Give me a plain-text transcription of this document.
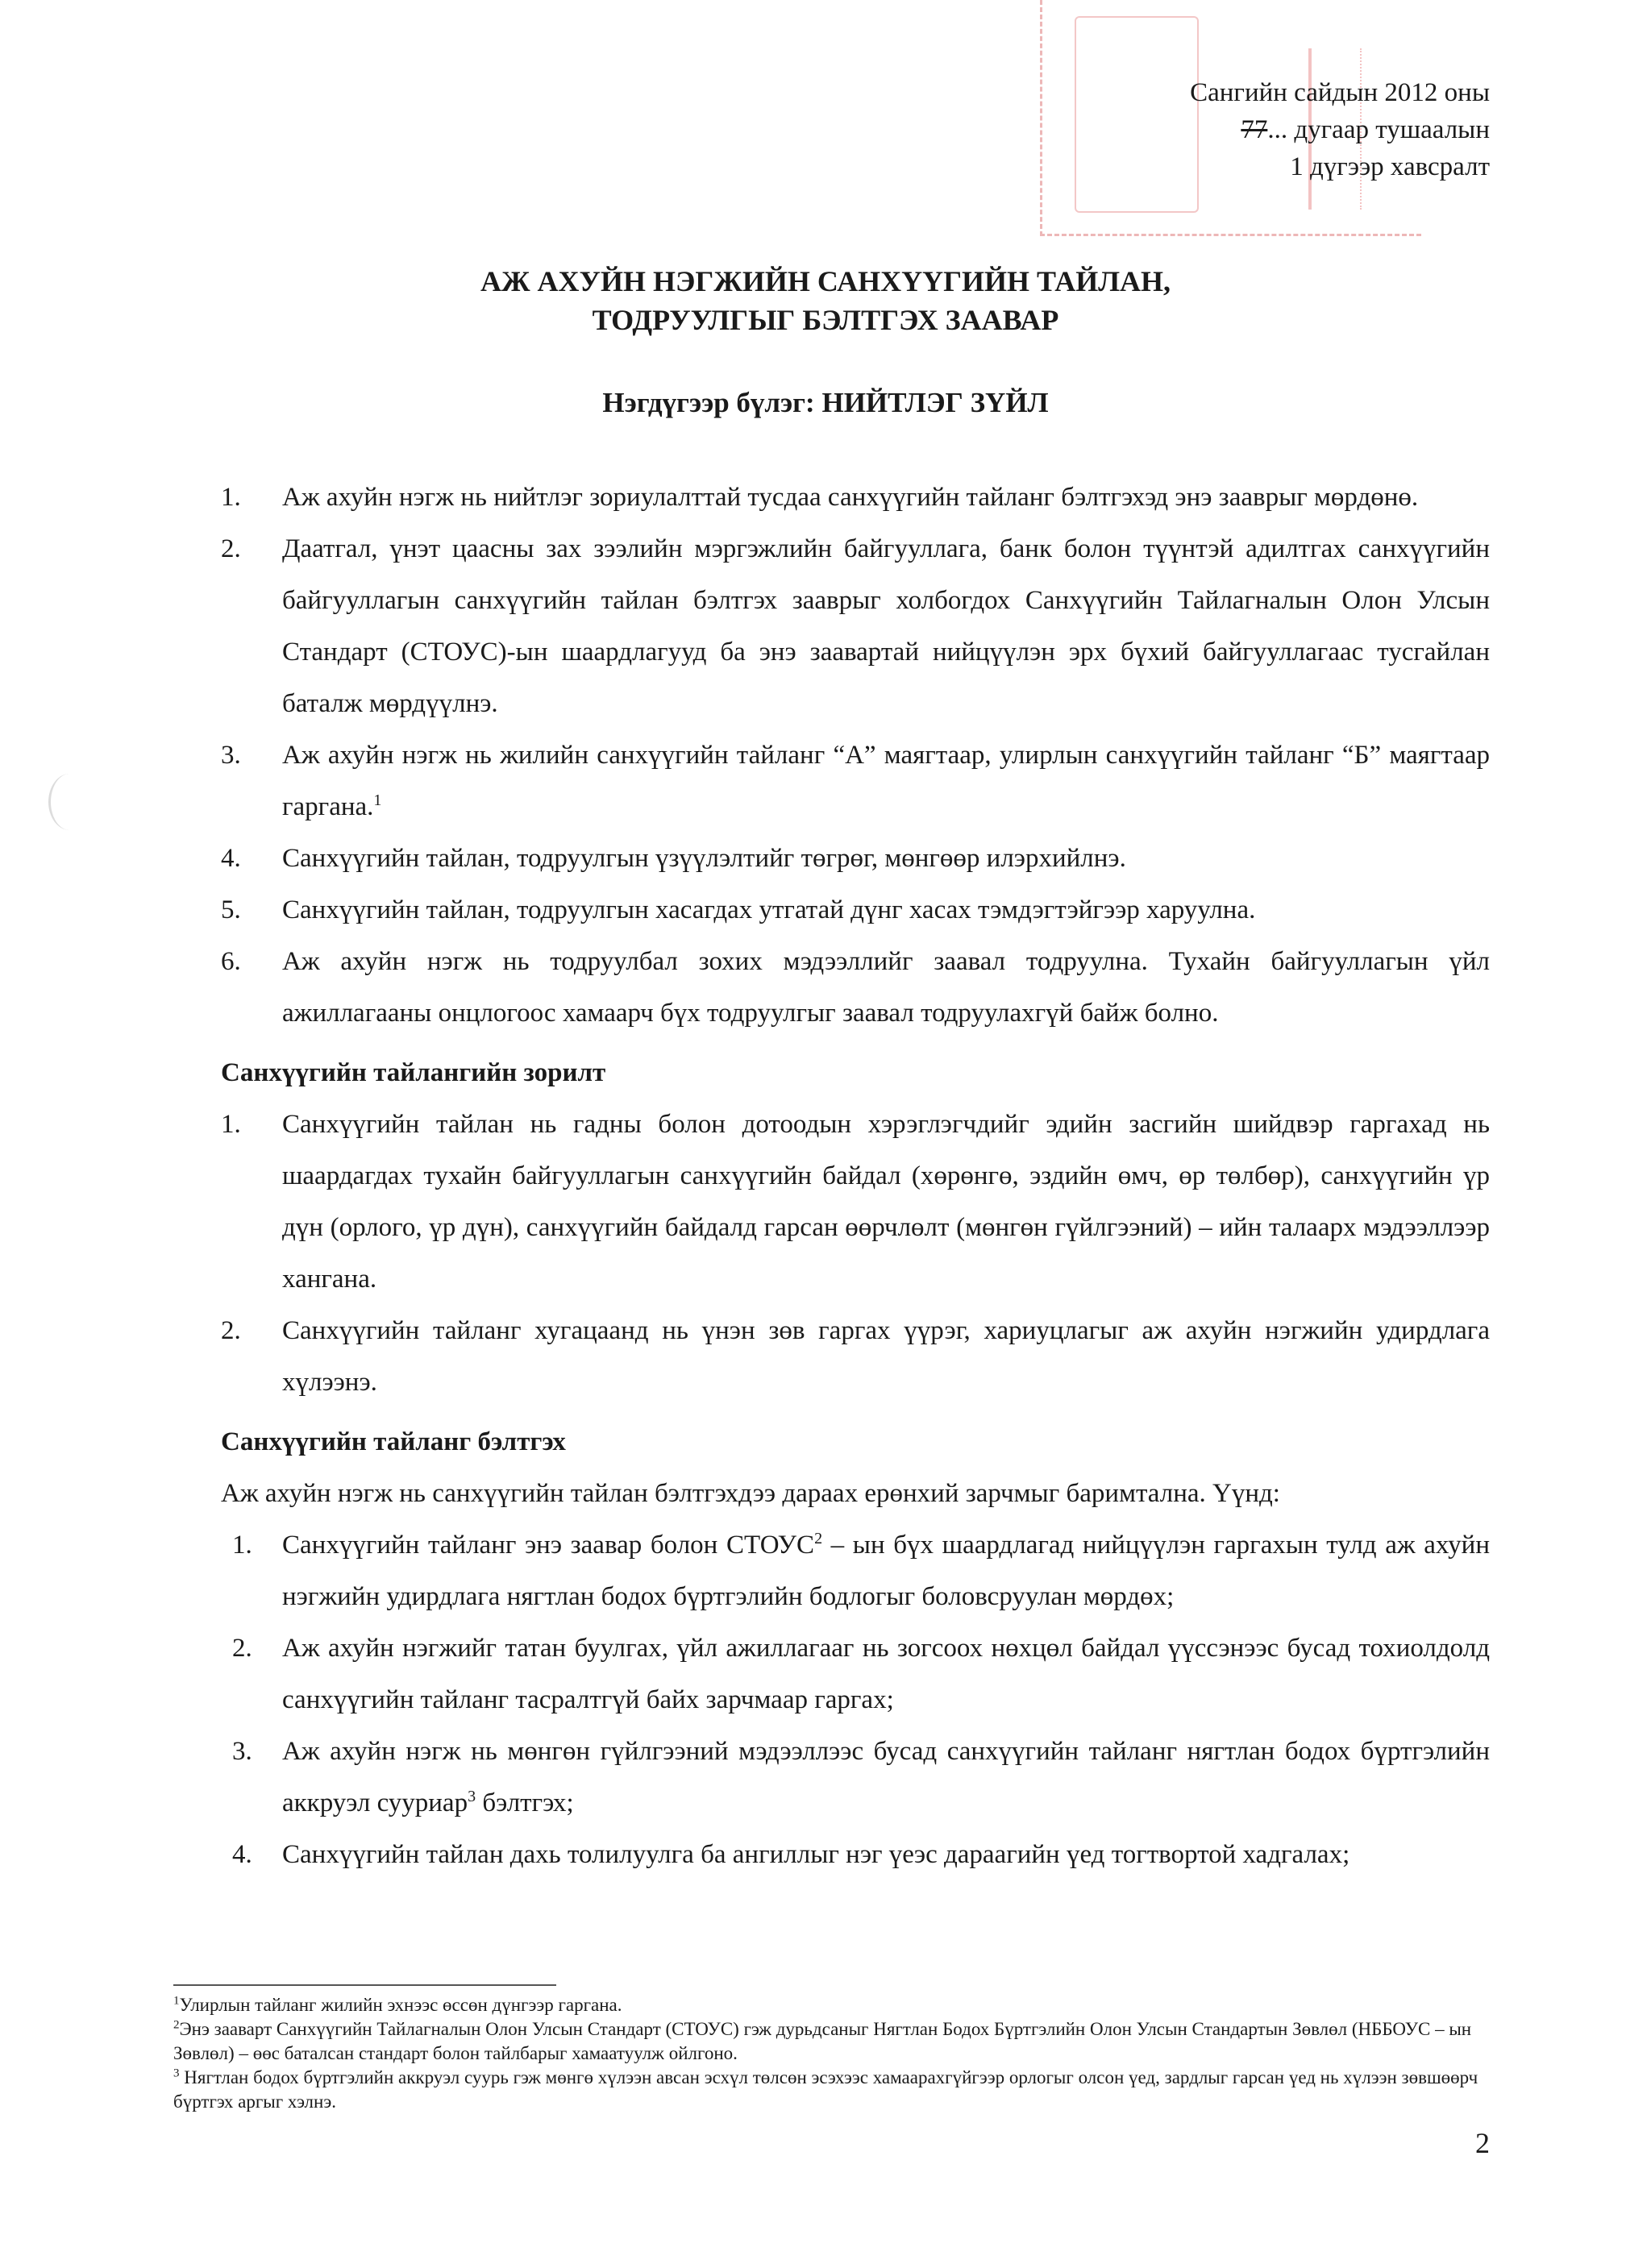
Сангийн сайдын 2012 оны
77... дугаар тушаалын
1 дүгээр хавсралт
АЖ АХУЙН НЭГЖИЙН САНХҮҮГИЙН ТАЙЛАН,
ТОДРУУЛГЫГ БЭЛТГЭХ ЗААВАР
Нэгдүгээр бүлэг: НИЙТЛЭГ ЗҮЙЛ
1. Аж ахуйн нэгж нь нийтлэг зориулалттай тусдаа санхүүгийн тайланг бэлтгэхэд энэ зааврыг мөрдөнө.
2. Даатгал, үнэт цаасны зах зээлийн мэргэжлийн байгууллага, банк болон түүнтэй адилтгах санхүүгийн байгууллагын санхүүгийн тайлан бэлтгэх зааврыг холбогдох Санхүүгийн Тайлагналын Олон Улсын Стандарт (СТОУС)-ын шаардлагууд ба энэ заавартай нийцүүлэн эрх бүхий байгууллагаас тусгайлан баталж мөрдүүлнэ.
3. Аж ахуйн нэгж нь жилийн санхүүгийн тайланг “А” маягтаар, улирлын санхүүгийн тайланг “Б” маягтаар гаргана.$^1$
4. Санхүүгийн тайлан, тодруулгын үзүүлэлтийг төгрөг, мөнгөөр илэрхийлнэ.
5. Санхүүгийн тайлан, тодруулгын хасагдах утгатай дүнг хасах тэмдэгтэйгээр харуулна.
6. Аж ахуйн нэгж нь тодруулбал зохих мэдээллийг заавал тодруулна. Тухайн байгууллагын үйл ажиллагааны онцлогоос хамаарч бүх тодруулгыг заавал тодруулахгүй байж болно.
Санхүүгийн тайлангийн зорилт
1. Санхүүгийн тайлан нь гадны болон дотоодын хэрэглэгчдийг эдийн засгийн шийдвэр гаргахад нь шаардагдах тухайн байгууллагын санхүүгийн байдал (хөрөнгө, эздийн өмч, өр төлбөр), санхүүгийн үр дүн (орлого, үр дүн), санхүүгийн байдалд гарсан өөрчлөлт (мөнгөн гүйлгээний) – ийн талаарх мэдээллээр хангана.
2. Санхүүгийн тайланг хугацаанд нь үнэн зөв гаргах үүрэг, хариуцлагыг аж ахуйн нэгжийн удирдлага хүлээнэ.
Санхүүгийн тайланг бэлтгэх
Аж ахуйн нэгж нь санхүүгийн тайлан бэлтгэхдээ дараах ерөнхий зарчмыг баримтална. Үүнд:
1. Санхүүгийн тайланг энэ заавар болон СТОУС$^2$ – ын бүх шаардлагад нийцүүлэн гаргахын тулд аж ахуйн нэгжийн удирдлага нягтлан бодох бүртгэлийн бодлогыг боловсруулан мөрдөх;
2. Аж ахуйн нэгжийг татан буулгах, үйл ажиллагааг нь зогсоох нөхцөл байдал үүссэнээс бусад тохиолдолд санхүүгийн тайланг тасралтгүй байх зарчмаар гаргах;
3. Аж ахуйн нэгж нь мөнгөн гүйлгээний мэдээллээс бусад санхүүгийн тайланг нягтлан бодох бүртгэлийн аккруэл сууриар$^3$ бэлтгэх;
4. Санхүүгийн тайлан дахь толилуулга ба ангиллыг нэг үеэс дараагийн үед тогтвортой хадгалах;
$^1$Улирлын тайланг жилийн эхнээс өссөн дүнгээр гаргана.
$^2$Энэ зааварт Санхүүгийн Тайлагналын Олон Улсын Стандарт (СТОУС) гэж дурьдсаныг Нягтлан Бодох Бүртгэлийн Олон Улсын Стандартын Зөвлөл (НББОУС – ын Зөвлөл) – өөс баталсан стандарт болон тайлбарыг хамаатуулж ойлгоно.
$^3$ Нягтлан бодох бүртгэлийн аккруэл суурь гэж мөнгө хүлээн авсан эсхүл төлсөн эсэхээс хамаарахгүйгээр орлогыг олсон үед, зардлыг гарсан үед нь хүлээн зөвшөөрч бүртгэх аргыг хэлнэ.
2
